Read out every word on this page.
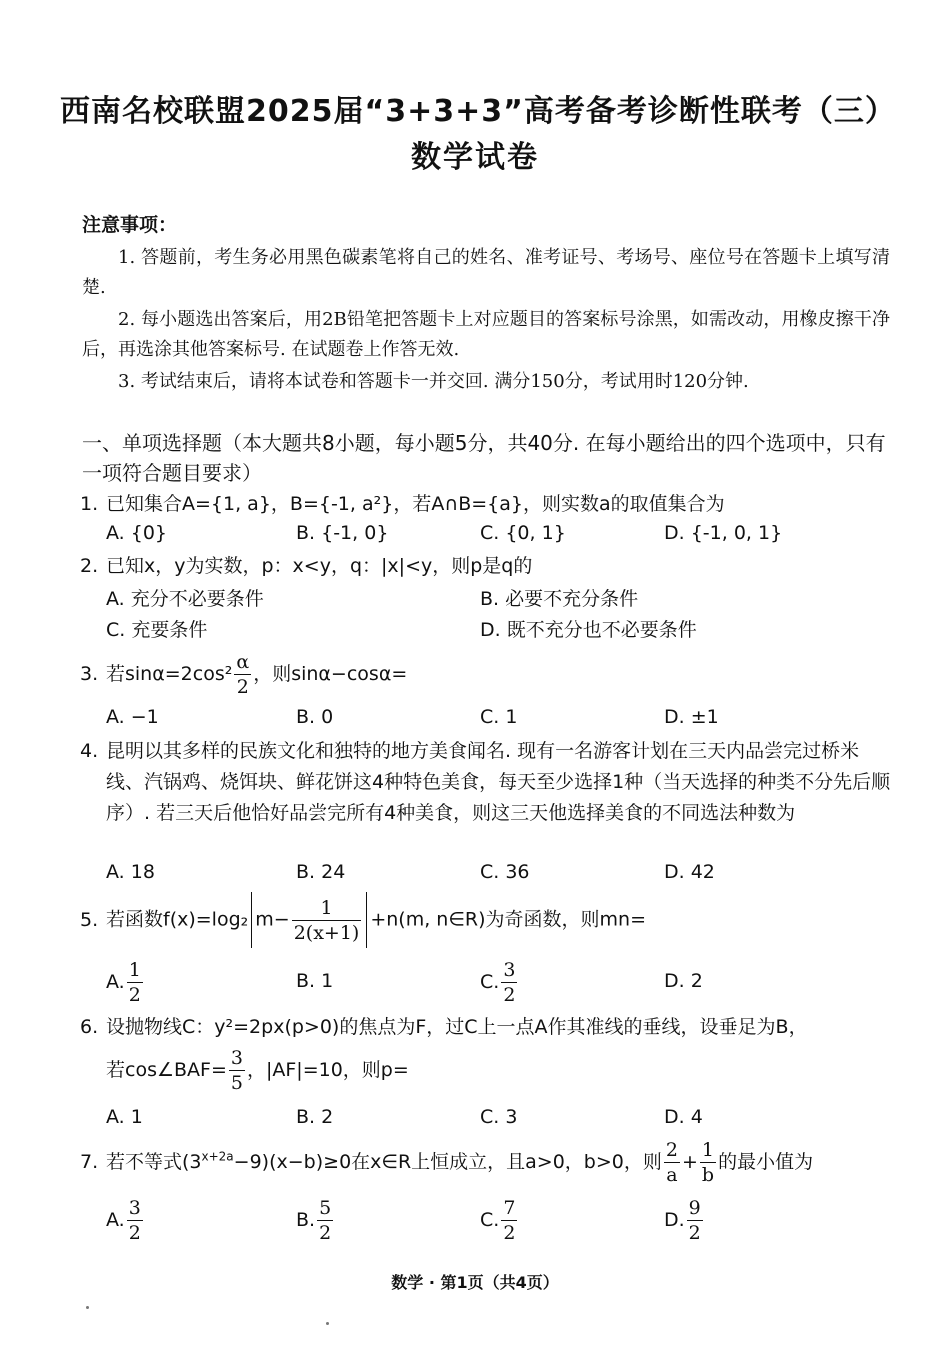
西南名校联盟2025届“3+3+3”高考备考诊断性联考（三）
数学试卷
注意事项：
1. 答题前，考生务必用黑色碳素笔将自己的姓名、准考证号、考场号、座位号在答题卡上填写清楚.
2. 每小题选出答案后，用2B铅笔把答题卡上对应题目的答案标号涂黑，如需改动，用橡皮擦干净后，再选涂其他答案标号. 在试题卷上作答无效.
3. 考试结束后，请将本试卷和答题卡一并交回. 满分150分，考试用时120分钟.
一、单项选择题（本大题共8小题，每小题5分，共40分. 在每小题给出的四个选项中，只有一项符合题目要求）
1. 已知集合A={1, a}，B={-1, a²}，若A∩B={a}，则实数a的取值集合为
A. {0}	B. {-1, 0}	C. {0, 1}	D. {-1, 0, 1}
2. 已知x，y为实数，p：x<y，q：|x|<y，则p是q的
A. 充分不必要条件	B. 必要不充分条件
C. 充要条件	D. 既不充分也不必要条件
3. 若$\sin\alpha=2\cos^2 \frac{\alpha}{2}$ ，则sinα−cosα=
A. −1	B. 0	C. 1	D. ±1
4. 昆明以其多样的民族文化和独特的地方美食闻名. 现有一名游客计划在三天内品尝完过桥米线、汽锅鸡、烧饵块、鲜花饼这4种特色美食，每天至少选择1种（当天选择的种类不分先后顺序）. 若三天后他恰好品尝完所有4种美食，则这三天他选择美食的不同选法种数为
A. 18	B. 24	C. 36	D. 42
5. 若函数f(x)=log₂ $m- \frac{1}{2(x+1)} +n(m$, n∈R)为奇函数，则mn=
A. $\frac{1}{2}$	B. 1	C. $\frac{3}{2}$	D. 2
6. 设抛物线C：y²=2px(p>0)的焦点为F，过C上一点A作其准线的垂线，设垂足为B，
若cos∠BAF= $\frac{3}{5}$ ，|AF|=10，则p=
A. 1	B. 2	C. 3	D. 4
7. 若不等式$(3^{x+2a}-9)(x-b)\ge 0$在x∈R上恒成立，且a>0，b>0，则 $\frac{2}{a} + \frac{1}{b}$ 的最小值为
A. $\frac{3}{2}$	B. $\frac{5}{2}$	C. $\frac{7}{2}$	D. $\frac{9}{2}$
数学 · 第1页（共4页）
